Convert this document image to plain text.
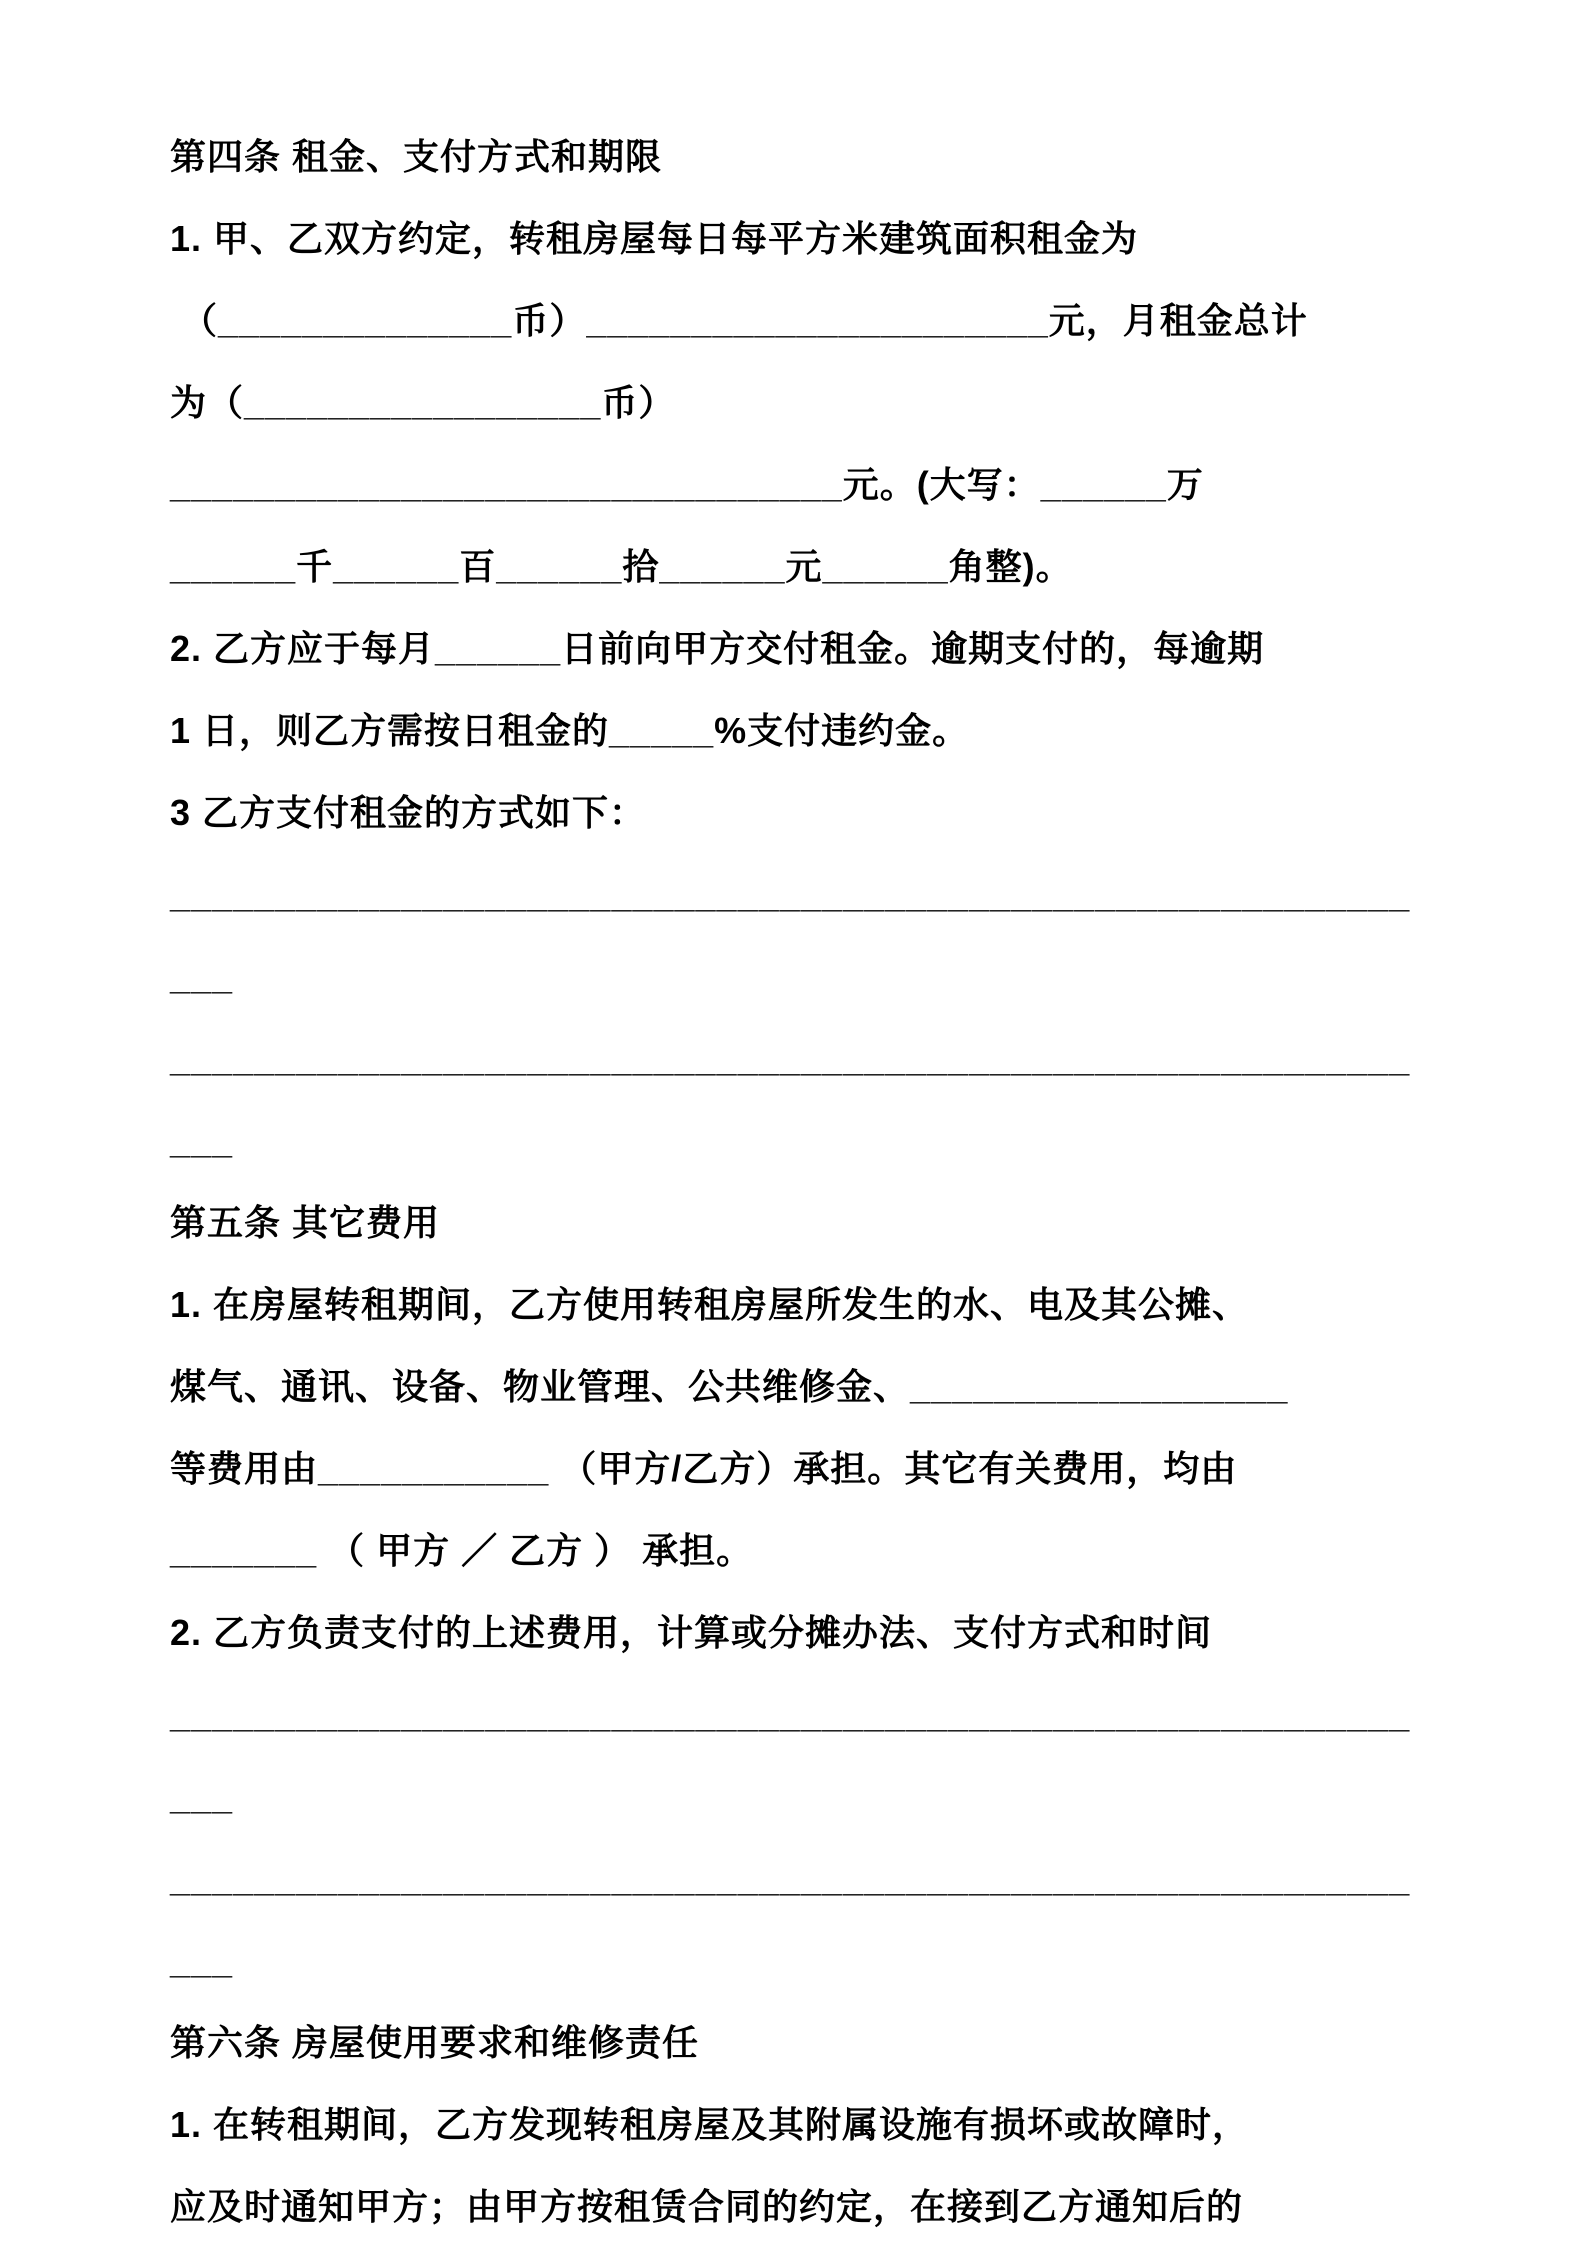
第四条 租金、支付方式和期限
1. 甲、乙双方约定，转租房屋每日每平方米建筑面积租金为
（______________币）______________________元，月租金总计
为（_________________币）
________________________________元。(大写：______万
______千______百______拾______元______角整)。
2. 乙方应于每月______日前向甲方交付租金。逾期支付的，每逾期
1 日，则乙方需按日租金的_____%支付违约金。
3 乙方支付租金的方式如下：
______________________________________________________________
______________________________________________________________
第五条 其它费用
1. 在房屋转租期间，乙方使用转租房屋所发生的水、电及其公摊、
煤气、通讯、设备、物业管理、公共维修金、__________________
等费用由___________ （甲方/乙方）承担。其它有关费用，均由
_______ （ 甲方 ／ 乙方 ） 承担。
2. 乙方负责支付的上述费用，计算或分摊办法、支付方式和时间
______________________________________________________________
______________________________________________________________
第六条 房屋使用要求和维修责任
1. 在转租期间，乙方发现转租房屋及其附属设施有损坏或故障时，
应及时通知甲方；由甲方按租赁合同的约定，在接到乙方通知后的
